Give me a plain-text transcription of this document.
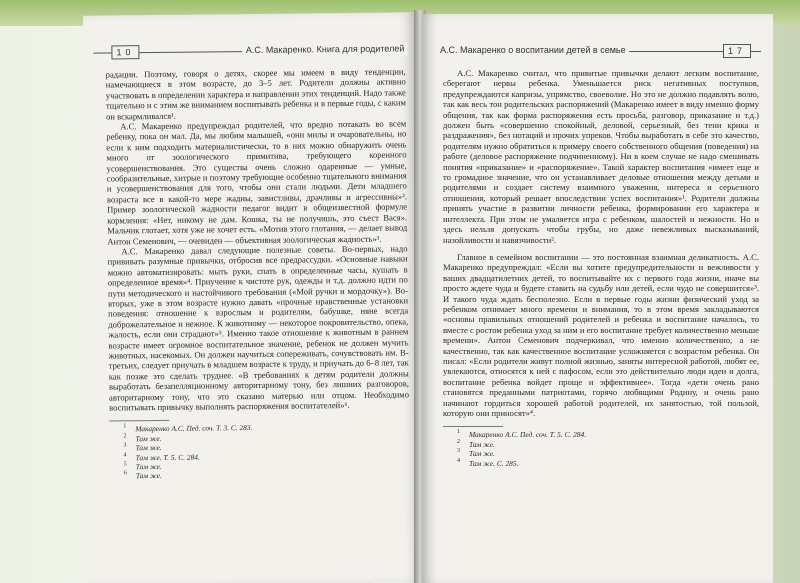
10	А.С. Макаренко. Книга для родителей

радации. Поэтому, говоря о детях, скорее мы имеем в виду тенденции, намечающиеся в этом возрасте, до 3–5 лет. Родители должны активно участвовать в определении характера и направлении этих тенденций. Надо также тщательно и с этим же вниманием воспитывать ребенка и в первые годы, с каким он вскармливался¹.

А.С. Макаренко предупреждал родителей, что вредно потакать во всем ребенку, пока он мал. Да, мы любим малышей, «они милы и очаровательны, но если к ним подходить материалистически, то в них можно обнаружить очень много от зоологического примитива, требующего коренного усовершенствования. Это существа очень сложно одаренные — умные, сообразительные, хитрые и поэтому требующие особенно тщательного внимания и усовершенствования для того, чтобы они стали людьми. Дети младшего возраста все в какой-то мере жадны, завистливы, драчливы и агрессивны»². Пример зоологической жадности педагог видит в общеизвестной формуле кормления: «Нет, никому не дам. Кошка, ты не получишь, это съест Вася». Мальчик глотает, хотя уже не хочет есть. «Мотив этого глотания, — делает вывод Антон Семенович, — очевиден — объективная зоологическая жадность»³.

А.С. Макаренко давал следующие полезные советы. Во-первых, надо прививать разумные привычки, отбросив все предрассудки. «Основные навыки можно автоматизировать: мыть руки, спать в определенные часы, кушать в определенное время»⁴. Приучение к чистоте рук, одежды и т.д. должно идти по пути методического и настойчивого требования («Мой ручки и мордочку»). Во-вторых, уже в этом возрасте нужно давать «прочные нравственные установки поведения: отношение к взрослым и родителям, бабушке, няне всегда доброжелательное и нежное. К животному — некоторое покровительство, опека, жалость, если они страдают»⁵. Именно такое отношение к животным в раннем возрасте имеет огромное воспитательное значение, ребенок не должен мучить животных, насекомых. Он должен научиться сопереживать, сочувствовать им. В-третьих, следует приучать в младшем возрасте к труду, и приучать до 6–8 лет, так как позже это сделать труднее. «В требованиях к детям родители должны выработать безапелляционному авторитарному тону, без лишних разговоров, авторитарному тону, что это сказано матерью или отцом. Необходимо воспитывать привычку выполнять распоряжения воспитателей»⁶.

1 Макаренко А.С. Пед. соч. Т. 3. С. 283.

2 Там же.

3 Там же.

4 Там же. Т. 5. С. 284.

5 Там же.

6 Там же.

А.С. Макаренко о воспитании детей в семье	17

А.С. Макаренко считал, что привитые привычки делают легким воспитание, сберегают нервы ребенка. Уменьшается риск негативных поступков, предупреждаются капризы, упрямство, своеволие. Но это не должно подавлять волю, так как весь тон родительских распоряжений (Макаренко имеет в виду именно форму общения, так как форма распоряжения есть просьба, разговор, приказание и т.д.) должен быть «совершенно спокойный, деловой, серьезный, без тени крика и раздражения», без нотаций и прочих упреков. Чтобы выработать в себе это качество, родителям нужно обратиться к примеру своего собственного общения (поведения) на работе (деловое распоряжение подчиненному). Ни в коем случае не надо смешивать понятия «приказание» и «распоряжение». Такой характер воспитания «имеет еще и то громадное значение, что он устанавливает деловые отношения между детьми и родителями и создает систему взаимного уважения, интереса и серьезного отношения, который решает впоследствии успех воспитания»¹. Родители должны принять участие в развитии личности ребенка, формировании его характера и интеллекта. При этом не умаляется игра с ребенком, шалостей и нежности. Но и здесь нельзя допускать чтобы грубы, но даже невежливых высказываний, назойливости и навязчивости².

Главное в семейном воспитании — это постоянная взаимная деликатность. А.С. Макаренко предупреждал: «Если вы хотите предупредительности и вежливости у ваших двадцатилетних детей, то воспитывайте их с первого года жизни, иначе вы просто ждете чуда и будете ставить на судьбу или детей, если чудо не совершится»³. И такого чуда ждать бесполезно. Если в первые годы жизни физический уход за ребенком отнимает много времени и внимания, то в этом время закладываются «основы правильных отношений родителей и ребенка и воспитание началось, то вместе с ростом ребенка уход за ним и его воспитание требует количественно меньше времени». Антон Семенович подчеркивал, что именно количественно, а не качественно, так как качественное воспитание усложняется с возрастом ребенка. Он писал: «Если родители живут полной жизнью, заняты интересной работой, любят ее, увлекаются, относятся к ней с пафосом, если это действительно люди идеи и долга, воспитание ребенка войдет проще и эффективнее». Тогда «дети очень рано становятся преданными патриотами, горячо любящими Родину, и очень рано начинают гордиться хорошей работой родителей, их занятостью, той пользой, которую они приносят»⁴.

1 Макаренко А.С. Пед. соч. Т. 5. С. 284.

2 Там же.

3 Там же.

4 Там же. С. 285.
